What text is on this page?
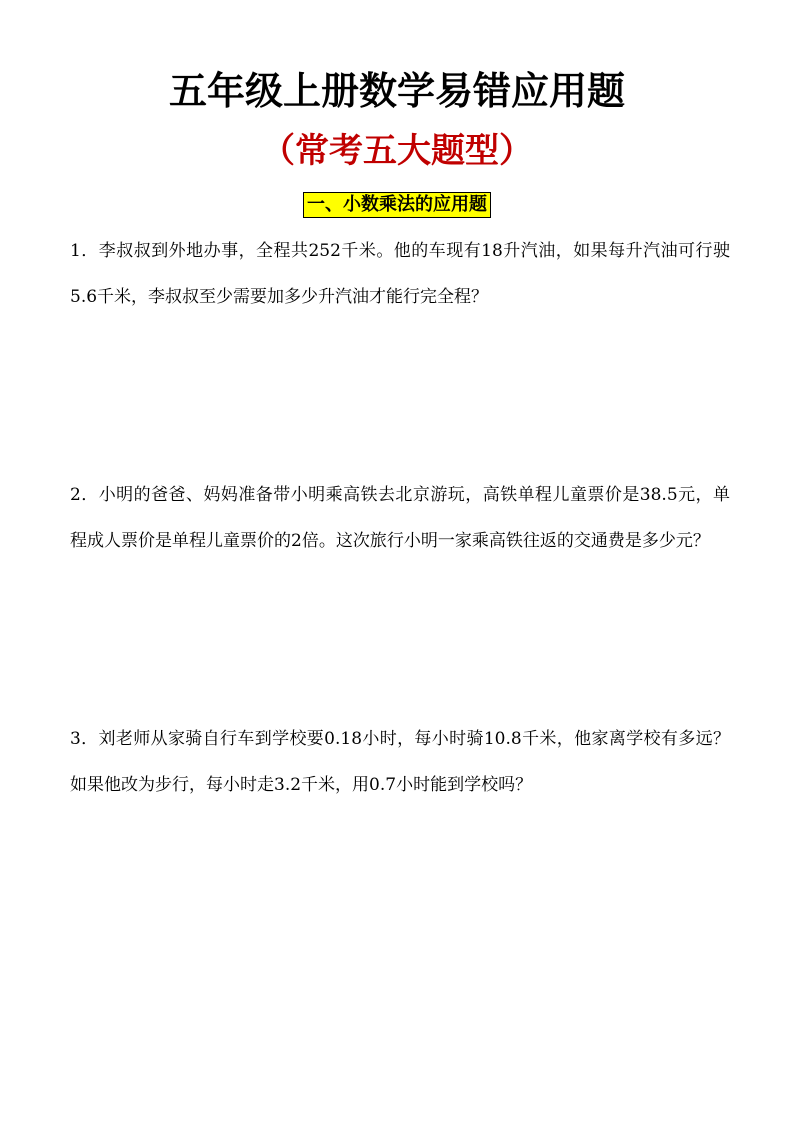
五年级上册数学易错应用题
（常考五大题型）
一、小数乘法的应用题

1．李叔叔到外地办事，全程共252千米。他的车现有18升汽油，如果每升汽油可行驶5.6千米，李叔叔至少需要加多少升汽油才能行完全程？

2．小明的爸爸、妈妈准备带小明乘高铁去北京游玩，高铁单程儿童票价是38.5元，单程成人票价是单程儿童票价的2倍。这次旅行小明一家乘高铁往返的交通费是多少元？

3．刘老师从家骑自行车到学校要0.18小时，每小时骑10.8千米，他家离学校有多远？如果他改为步行，每小时走3.2千米，用0.7小时能到学校吗？
